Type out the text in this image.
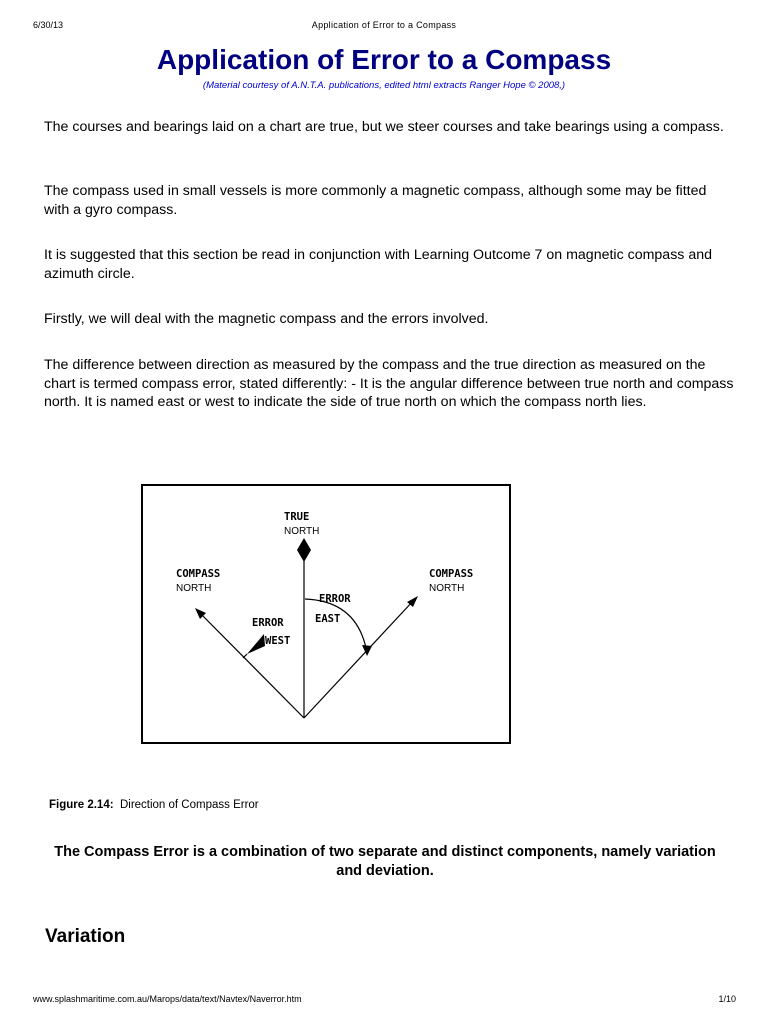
6/30/13	Application of Error to a Compass
Application of Error to a Compass
(Material courtesy of A.N.T.A. publications, edited html extracts Ranger Hope © 2008,)
The courses and bearings laid on a chart are true, but we steer courses and take bearings using a compass.
The compass used in small vessels is more commonly a magnetic compass, although some may be fitted with a gyro compass.
It is suggested that this section be read in conjunction with Learning Outcome 7 on magnetic compass and azimuth circle.
Firstly, we will deal with the magnetic compass and the errors involved.
The difference between direction as measured by the compass and the true direction as measured on the chart is termed compass error, stated differently: - It is the angular difference between true north and compass north. It is named east or west to indicate the side of true north on which the compass north lies.
TRUE
NORTH
COMPASS
NORTH
COMPASS
NORTH
ERROR
WEST
ERROR
EAST
Figure 2.14: Direction of Compass Error
The Compass Error is a combination of two separate and distinct components, namely variation and deviation.
Variation
www.splashmaritime.com.au/Marops/data/text/Navtex/Naverror.htm	1/10
